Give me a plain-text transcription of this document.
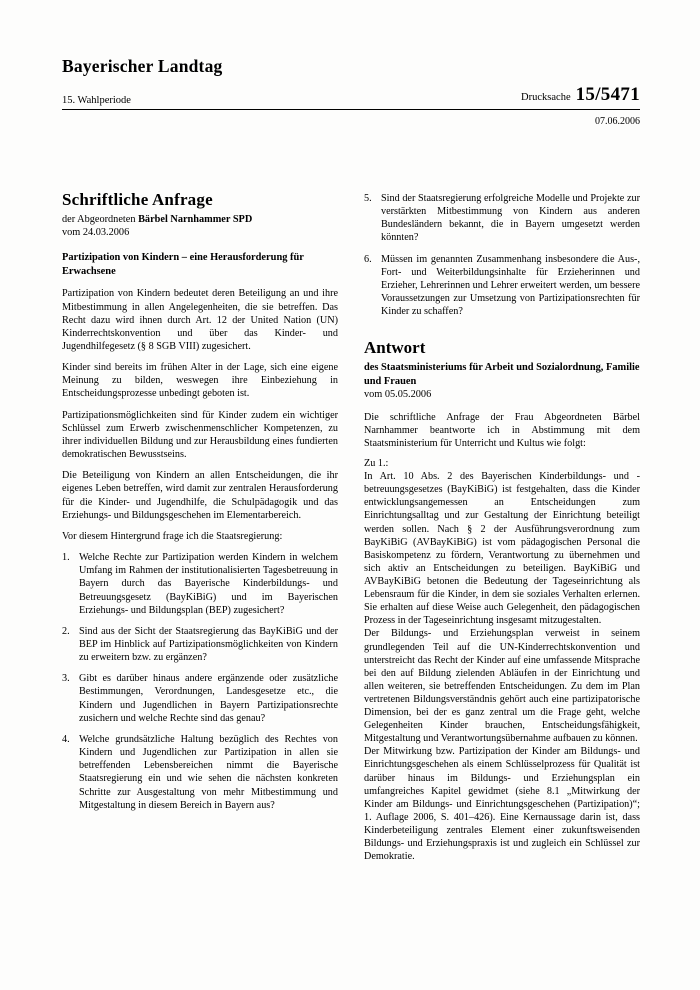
Bayerischer Landtag
15. Wahlperiode	Drucksache 15/5471
07.06.2006
Schriftliche Anfrage
der Abgeordneten Bärbel Narnhammer SPD
vom 24.03.2006
Partizipation von Kindern – eine Herausforderung für Erwachsene

Partizipation von Kindern bedeutet deren Beteiligung an und ihre Mitbestimmung in allen Angelegenheiten, die sie betreffen. Das Recht dazu wird ihnen durch Art. 12 der United Nation (UN) Kinderrechtskonvention und über das Kinder- und Jugendhilfegesetz (§ 8 SGB VIII) zugesichert.

Kinder sind bereits im frühen Alter in der Lage, sich eine eigene Meinung zu bilden, weswegen ihre Einbeziehung in Entscheidungsprozesse unbedingt geboten ist.

Partizipationsmöglichkeiten sind für Kinder zudem ein wichtiger Schlüssel zum Erwerb zwischenmenschlicher Kompetenzen, zu ihrer individuellen Bildung und zur Herausbildung eines fundierten demokratischen Bewusstseins.

Die Beteiligung von Kindern an allen Entscheidungen, die ihr eigenes Leben betreffen, wird damit zur zentralen Herausforderung für die Kinder- und Jugendhilfe, die Schulpädagogik und das Erziehungs- und Bildungsgeschehen im Elementarbereich.

Vor diesem Hintergrund frage ich die Staatsregierung:

1. Welche Rechte zur Partizipation werden Kindern in welchem Umfang im Rahmen der institutionalisierten Tagesbetreuung in Bayern durch das Bayerische Kinderbildungs- und Betreuungsgesetz (BayKiBiG) und im Bayerischen Erziehungs- und Bildungsplan (BEP) zugesichert?
2. Sind aus der Sicht der Staatsregierung das BayKiBiG und der BEP im Hinblick auf Partizipationsmöglichkeiten von Kindern zu erweitern bzw. zu ergänzen?
3. Gibt es darüber hinaus andere ergänzende oder zusätzliche Bestimmungen, Verordnungen, Landesgesetze etc., die Kindern und Jugendlichen in Bayern Partizipationsrechte zusichern und welche Rechte sind das genau?
4. Welche grundsätzliche Haltung bezüglich des Rechtes von Kindern und Jugendlichen zur Partizipation in allen sie betreffenden Lebensbereichen nimmt die Bayerische Staatsregierung ein und wie sehen die nächsten konkreten Schritte zur Ausgestaltung von mehr Mitbestimmung und Mitgestaltung in diesem Bereich in Bayern aus?
5. Sind der Staatsregierung erfolgreiche Modelle und Projekte zur verstärkten Mitbestimmung von Kindern aus anderen Bundesländern bekannt, die in Bayern umgesetzt werden könnten?
6. Müssen im genannten Zusammenhang insbesondere die Aus-, Fort- und Weiterbildungsinhalte für Erzieherinnen und Erzieher, Lehrerinnen und Lehrer erweitert werden, um bessere Voraussetzungen zur Umsetzung von Partizipationsrechten für Kinder zu schaffen?
Antwort
des Staatsministeriums für Arbeit und Sozialordnung, Familie und Frauen
vom 05.05.2006

Die schriftliche Anfrage der Frau Abgeordneten Bärbel Narnhammer beantworte ich in Abstimmung mit dem Staatsministerium für Unterricht und Kultus wie folgt:

Zu 1.:

In Art. 10 Abs. 2 des Bayerischen Kinderbildungs- und -betreuungsgesetzes (BayKiBiG) ist festgehalten, dass die Kinder entwicklungsangemessen an Entscheidungen zum Einrichtungsalltag und zur Gestaltung der Einrichtung beteiligt werden sollen. Nach § 2 der Ausführungsverordnung zum BayKiBiG (AVBayKiBiG) ist vom pädagogischen Personal die Basiskompetenz zu fördern, Verantwortung zu übernehmen und sich aktiv an Entscheidungen zu beteiligen. BayKiBiG und AVBayKiBiG betonen die Bedeutung der Tageseinrichtung als Lebensraum für die Kinder, in dem sie soziales Verhalten erlernen. Sie erhalten auf diese Weise auch Gelegenheit, den pädagogischen Prozess in der Tageseinrichtung insgesamt mitzugestalten.

Der Bildungs- und Erziehungsplan verweist in seinem grundlegenden Teil auf die UN-Kinderrechtskonvention und unterstreicht das Recht der Kinder auf eine umfassende Mitsprache bei den auf Bildung zielenden Abläufen in der Einrichtung und allen weiteren, sie betreffenden Entscheidungen. Zu dem im Plan vertretenen Bildungsverständnis gehört auch eine partizipatorische Dimension, bei der es ganz zentral um die Frage geht, welche Gelegenheiten Kinder brauchen, Entscheidungsfähigkeit, Mitgestaltung und Verantwortungsübernahme aufbauen zu können.

Der Mitwirkung bzw. Partizipation der Kinder am Bildungs- und Einrichtungsgeschehen als einem Schlüsselprozess für Qualität ist darüber hinaus im Bildungs- und Erziehungsplan ein umfangreiches Kapitel gewidmet (siehe 8.1 „Mitwirkung der Kinder am Bildungs- und Einrichtungsgeschehen (Partizipation)“; 1. Auflage 2006, S. 401–426). Eine Kernaussage darin ist, dass Kinderbeteiligung zentrales Element einer zukunftsweisenden Bildungs- und Erziehungspraxis ist und zugleich ein Schlüssel zur Demokratie.
